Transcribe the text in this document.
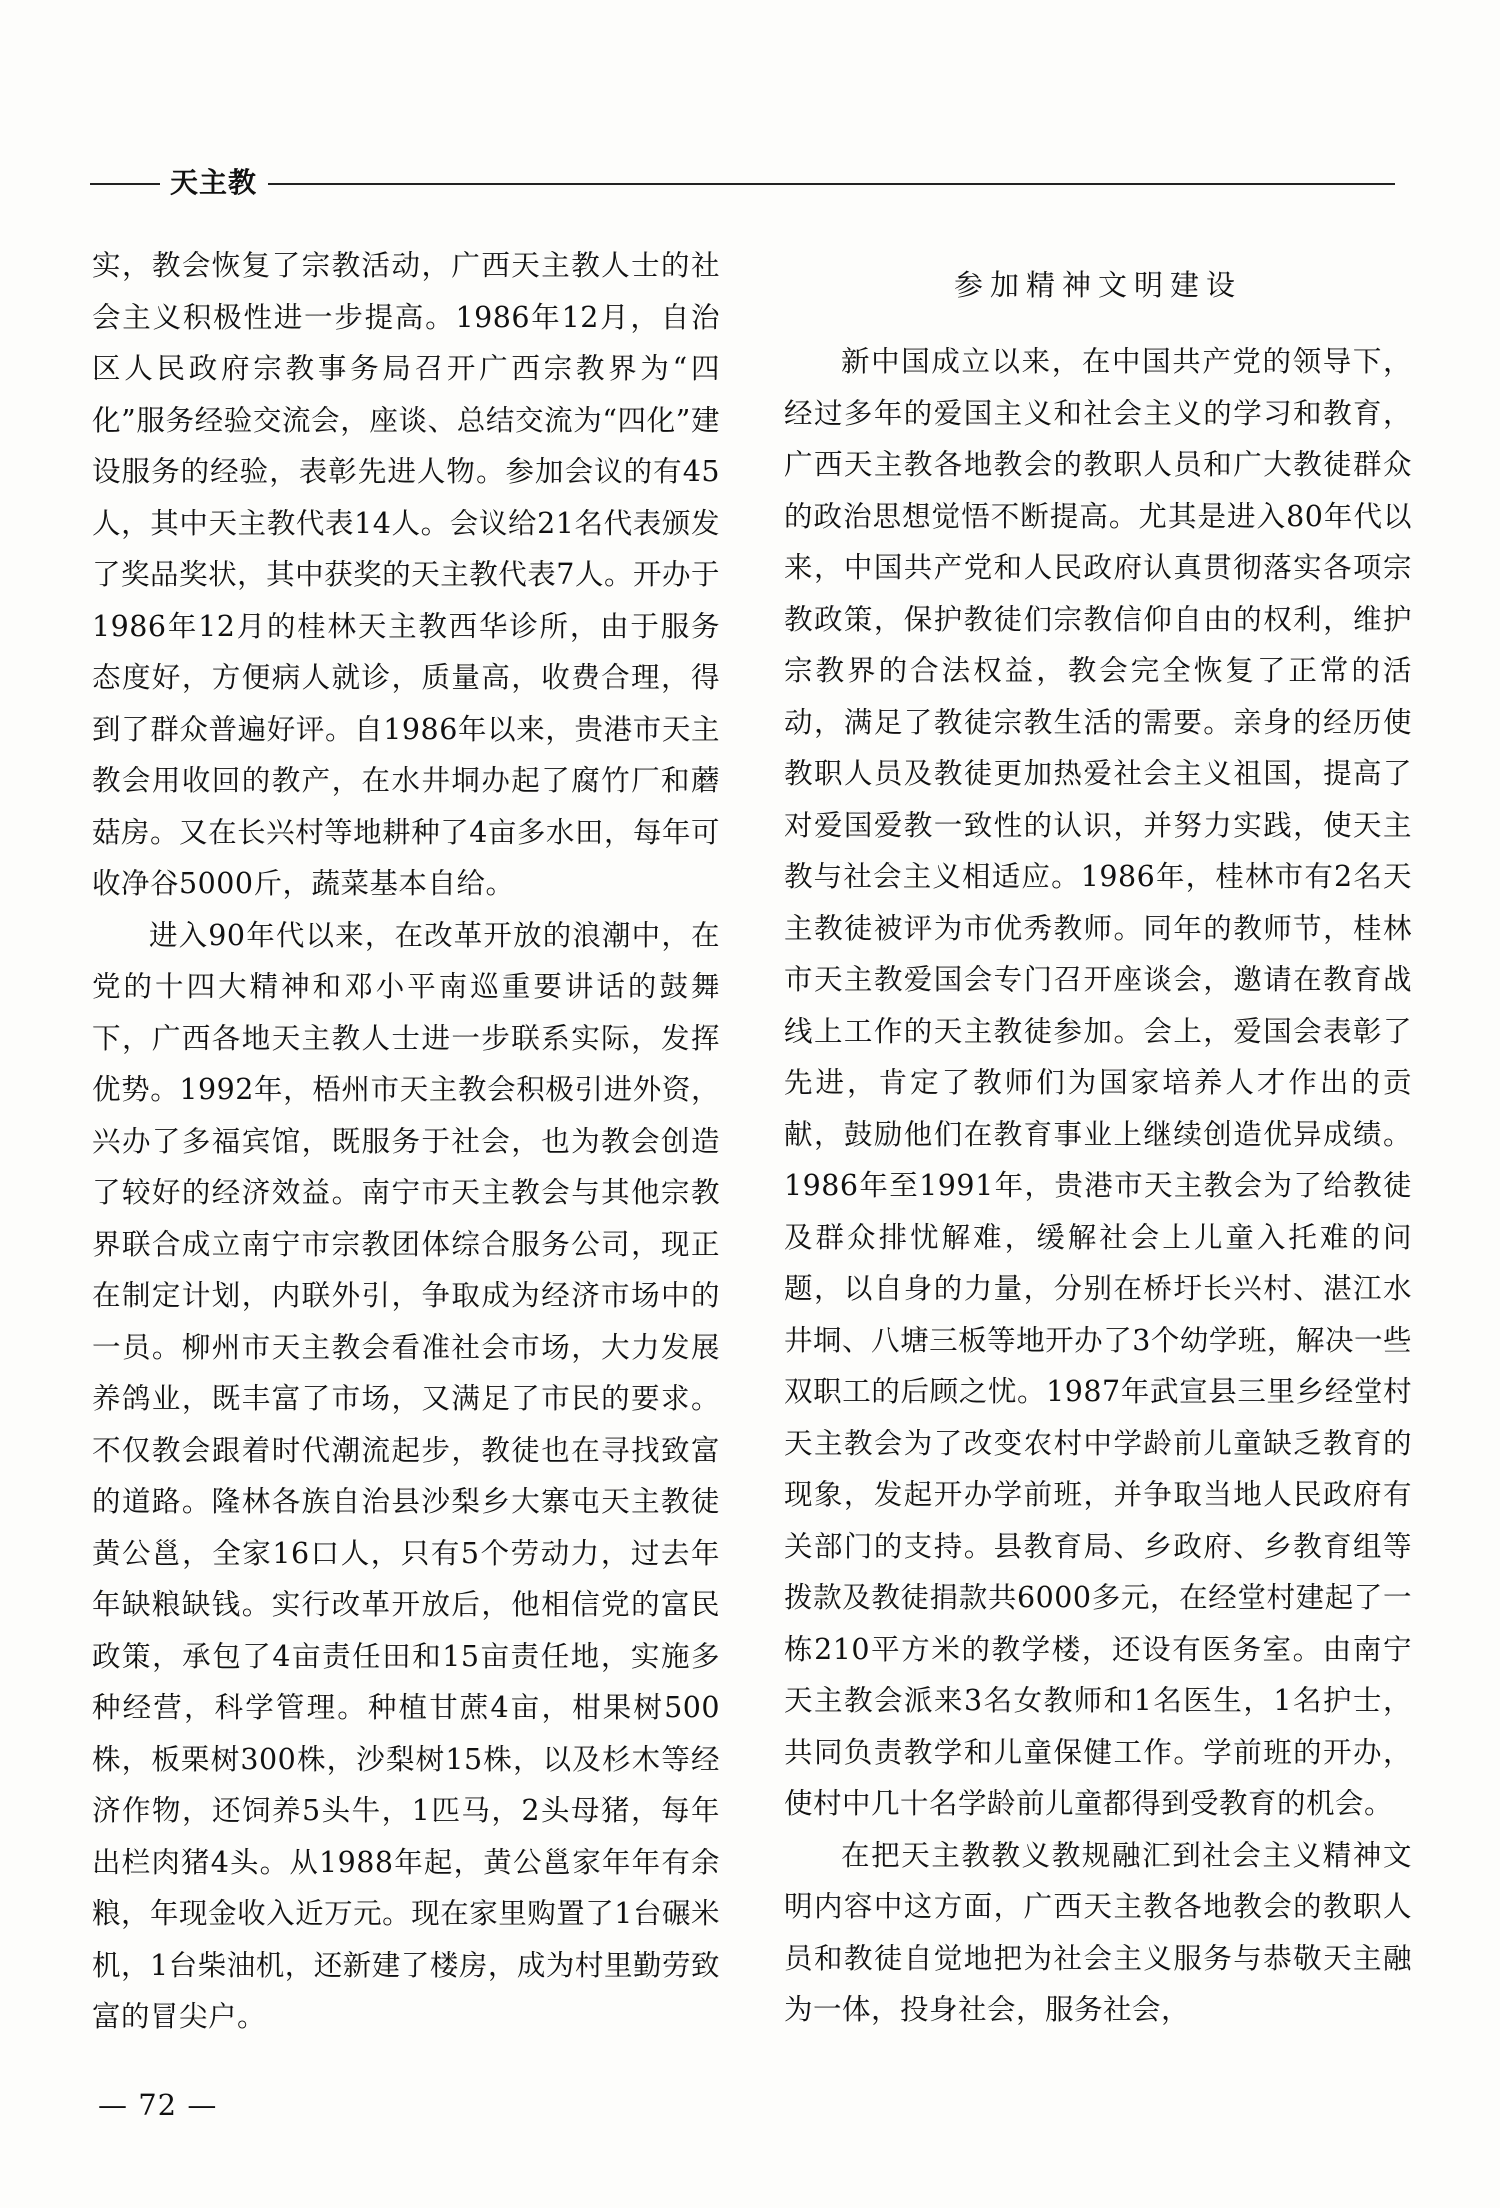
天主教

实，教会恢复了宗教活动，广西天主教人士的社会主义积极性进一步提高。1986年12月，自治区人民政府宗教事务局召开广西宗教界为“四化”服务经验交流会，座谈、总结交流为“四化”建设服务的经验，表彰先进人物。参加会议的有45人，其中天主教代表14人。会议给21名代表颁发了奖品奖状，其中获奖的天主教代表7人。开办于1986年12月的桂林天主教西华诊所，由于服务态度好，方便病人就诊，质量高，收费合理，得到了群众普遍好评。自1986年以来，贵港市天主教会用收回的教产，在水井垌办起了腐竹厂和蘑菇房。又在长兴村等地耕种了4亩多水田，每年可收净谷5000斤，蔬菜基本自给。

进入90年代以来，在改革开放的浪潮中，在党的十四大精神和邓小平南巡重要讲话的鼓舞下，广西各地天主教人士进一步联系实际，发挥优势。1992年，梧州市天主教会积极引进外资，兴办了多福宾馆，既服务于社会，也为教会创造了较好的经济效益。南宁市天主教会与其他宗教界联合成立南宁市宗教团体综合服务公司，现正在制定计划，内联外引，争取成为经济市场中的一员。柳州市天主教会看准社会市场，大力发展养鸽业，既丰富了市场，又满足了市民的要求。不仅教会跟着时代潮流起步，教徒也在寻找致富的道路。隆林各族自治县沙梨乡大寨屯天主教徒黄公邕，全家16口人，只有5个劳动力，过去年年缺粮缺钱。实行改革开放后，他相信党的富民政策，承包了4亩责任田和15亩责任地，实施多种经营，科学管理。种植甘蔗4亩，柑果树500株，板栗树300株，沙梨树15株，以及杉木等经济作物，还饲养5头牛，1匹马，2头母猪，每年出栏肉猪4头。从1988年起，黄公邕家年年有余粮，年现金收入近万元。现在家里购置了1台碾米机，1台柴油机，还新建了楼房，成为村里勤劳致富的冒尖户。

参加精神文明建设

新中国成立以来，在中国共产党的领导下，经过多年的爱国主义和社会主义的学习和教育，广西天主教各地教会的教职人员和广大教徒群众的政治思想觉悟不断提高。尤其是进入80年代以来，中国共产党和人民政府认真贯彻落实各项宗教政策，保护教徒们宗教信仰自由的权利，维护宗教界的合法权益，教会完全恢复了正常的活动，满足了教徒宗教生活的需要。亲身的经历使教职人员及教徒更加热爱社会主义祖国，提高了对爱国爱教一致性的认识，并努力实践，使天主教与社会主义相适应。1986年，桂林市有2名天主教徒被评为市优秀教师。同年的教师节，桂林市天主教爱国会专门召开座谈会，邀请在教育战线上工作的天主教徒参加。会上，爱国会表彰了先进，肯定了教师们为国家培养人才作出的贡献，鼓励他们在教育事业上继续创造优异成绩。1986年至1991年，贵港市天主教会为了给教徒及群众排忧解难，缓解社会上儿童入托难的问题，以自身的力量，分别在桥圩长兴村、湛江水井垌、八塘三板等地开办了3个幼学班，解决一些双职工的后顾之忧。1987年武宣县三里乡经堂村天主教会为了改变农村中学龄前儿童缺乏教育的现象，发起开办学前班，并争取当地人民政府有关部门的支持。县教育局、乡政府、乡教育组等拨款及教徒捐款共6000多元，在经堂村建起了一栋210平方米的教学楼，还设有医务室。由南宁天主教会派来3名女教师和1名医生，1名护士，共同负责教学和儿童保健工作。学前班的开办，使村中几十名学龄前儿童都得到受教育的机会。

在把天主教教义教规融汇到社会主义精神文明内容中这方面，广西天主教各地教会的教职人员和教徒自觉地把为社会主义服务与恭敬天主融为一体，投身社会，服务社会，

— 72 —
